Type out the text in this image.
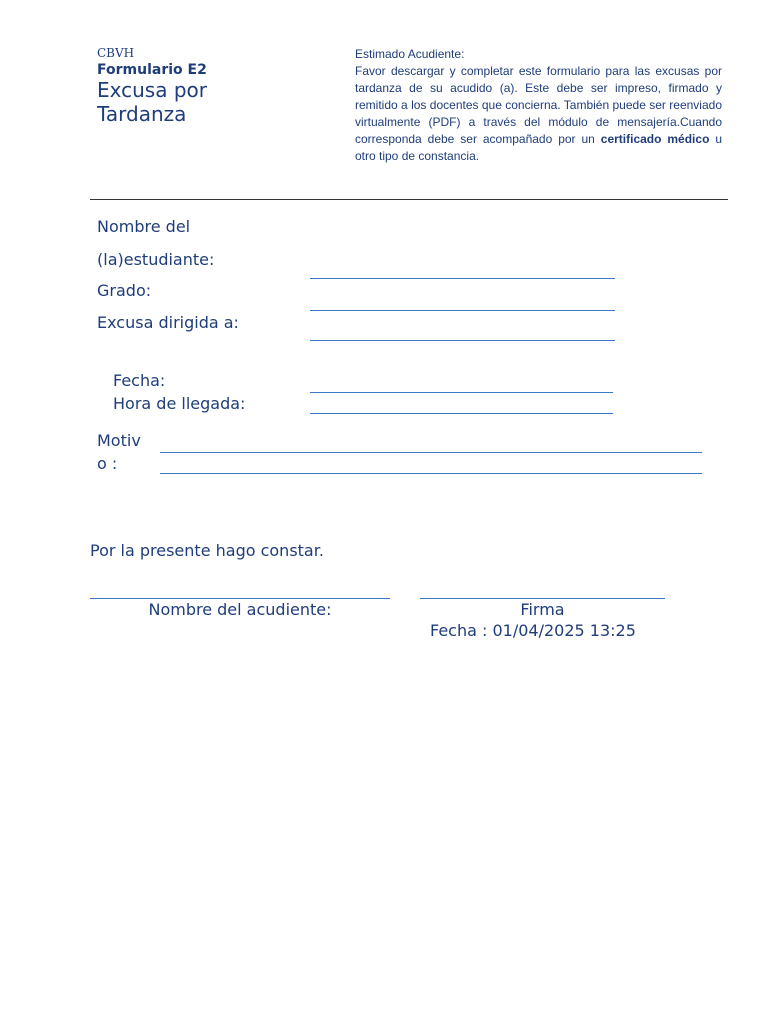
CBVH
Formulario E2
Excusa por Tardanza
Estimado Acudiente:
Favor descargar y completar este formulario para las excusas por tardanza de su acudido (a). Este debe ser impreso, firmado y remitido a los docentes que concierna. También puede ser reenviado virtualmente (PDF) a través del módulo de mensajería.Cuando corresponda debe ser acompañado por un certificado médico u otro tipo de constancia.
Nombre del
(la)estudiante:
Grado:
Excusa dirigida a:
Fecha:
Hora de llegada:
Motiv
o :
Por la presente hago constar.
Nombre del acudiente:	Firma
Fecha : 01/04/2025 13:25
